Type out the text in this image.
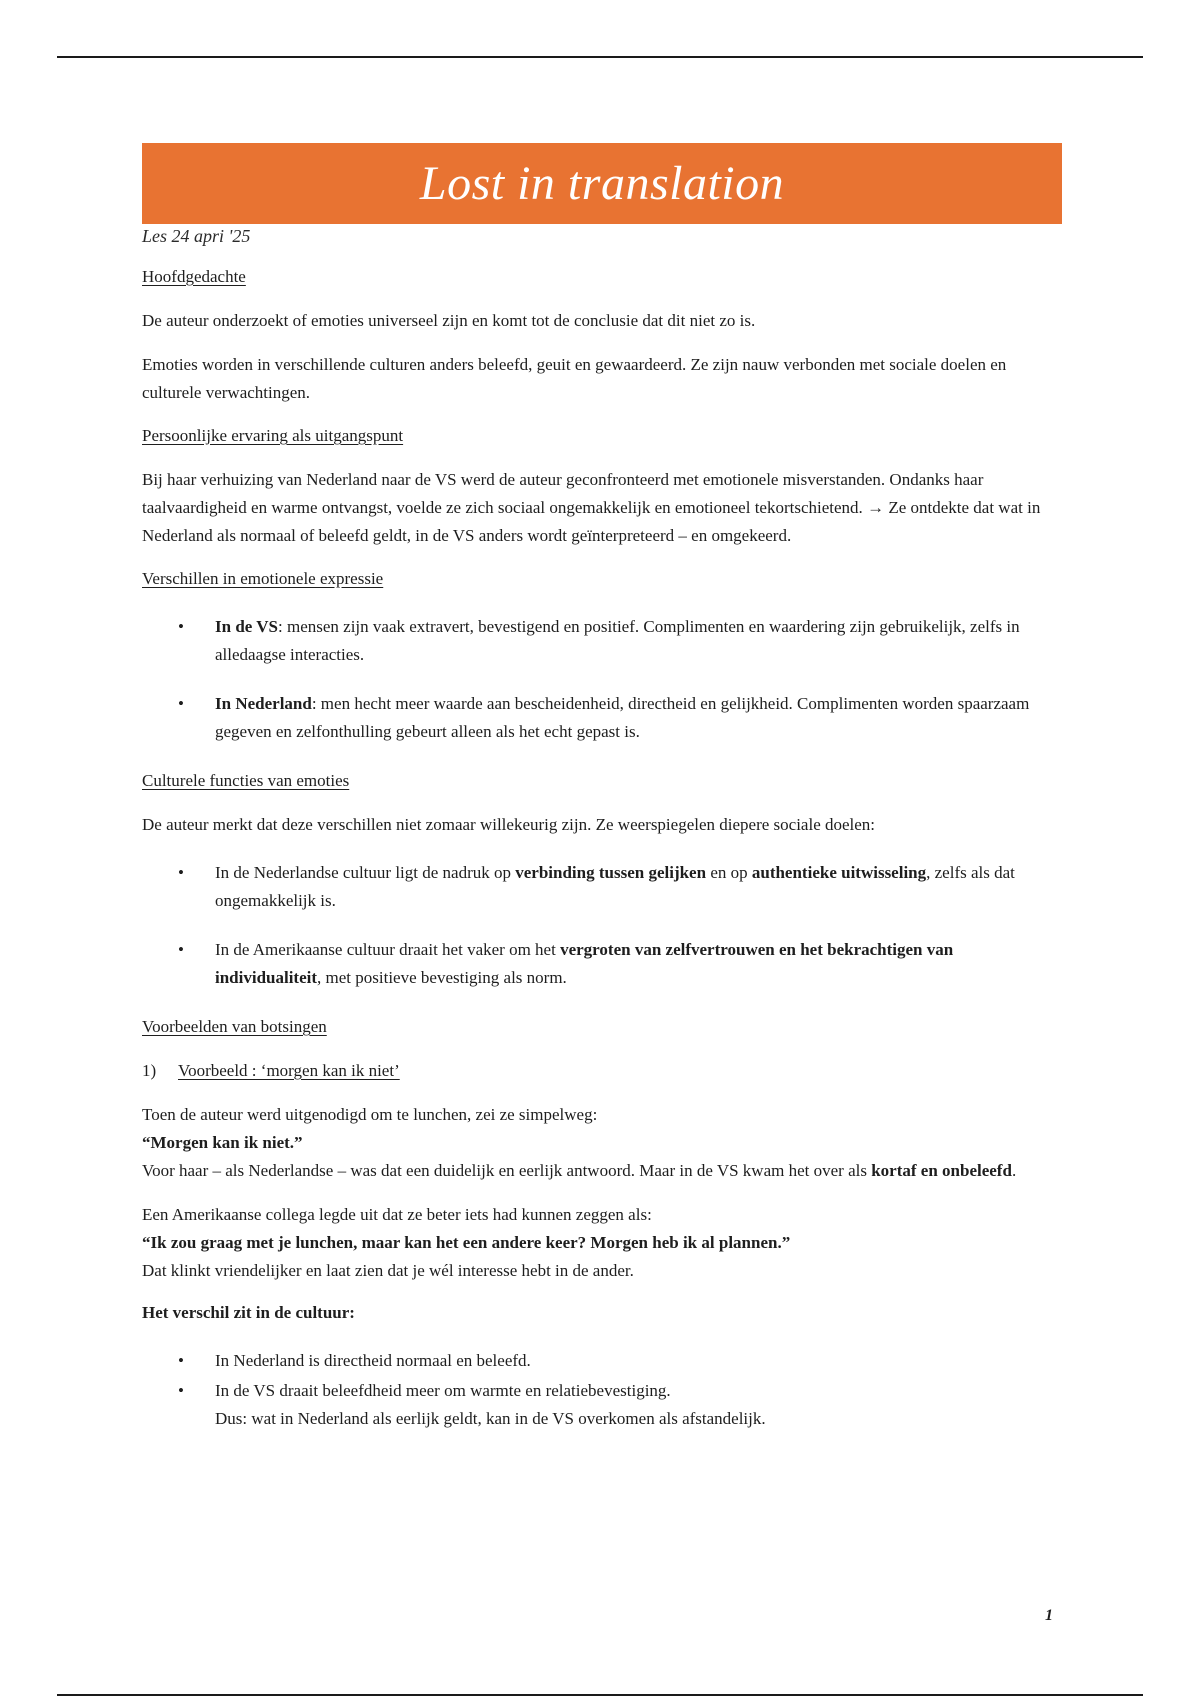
Lost in translation
Les 24 apri '25
Hoofdgedachte

De auteur onderzoekt of emoties universeel zijn en komt tot de conclusie dat dit niet zo is.

Emoties worden in verschillende culturen anders beleefd, geuit en gewaardeerd. Ze zijn nauw verbonden met sociale doelen en culturele verwachtingen.

Persoonlijke ervaring als uitgangspunt

Bij haar verhuizing van Nederland naar de VS werd de auteur geconfronteerd met emotionele misverstanden. Ondanks haar taalvaardigheid en warme ontvangst, voelde ze zich sociaal ongemakkelijk en emotioneel tekortschietend. → Ze ontdekte dat wat in Nederland als normaal of beleefd geldt, in de VS anders wordt geïnterpreteerd – en omgekeerd.

Verschillen in emotionele expressie
• In de VS: mensen zijn vaak extravert, bevestigend en positief. Complimenten en waardering zijn gebruikelijk, zelfs in alledaagse interacties.
• In Nederland: men hecht meer waarde aan bescheidenheid, directheid en gelijkheid. Complimenten worden spaarzaam gegeven en zelfonthulling gebeurt alleen als het echt gepast is.
Culturele functies van emoties

De auteur merkt dat deze verschillen niet zomaar willekeurig zijn. Ze weerspiegelen diepere sociale doelen:

• In de Nederlandse cultuur ligt de nadruk op verbinding tussen gelijken en op authentieke uitwisseling, zelfs als dat ongemakkelijk is.
• In de Amerikaanse cultuur draait het vaker om het vergroten van zelfvertrouwen en het bekrachtigen van individualiteit, met positieve bevestiging als norm.
Voorbeelden van botsingen
1)	Voorbeeld : ‘morgen kan ik niet’

Toen de auteur werd uitgenodigd om te lunchen, zei ze simpelweg:
“Morgen kan ik niet.”
Voor haar – als Nederlandse – was dat een duidelijk en eerlijk antwoord. Maar in de VS kwam het over als kortaf en onbeleefd.

Een Amerikaanse collega legde uit dat ze beter iets had kunnen zeggen als:
“Ik zou graag met je lunchen, maar kan het een andere keer? Morgen heb ik al plannen.”
Dat klinkt vriendelijker en laat zien dat je wél interesse hebt in de ander.

Het verschil zit in de cultuur:

• In Nederland is directheid normaal en beleefd.
• In de VS draait beleefdheid meer om warmte en relatiebevestiging.
Dus: wat in Nederland als eerlijk geldt, kan in de VS overkomen als afstandelijk.
1
